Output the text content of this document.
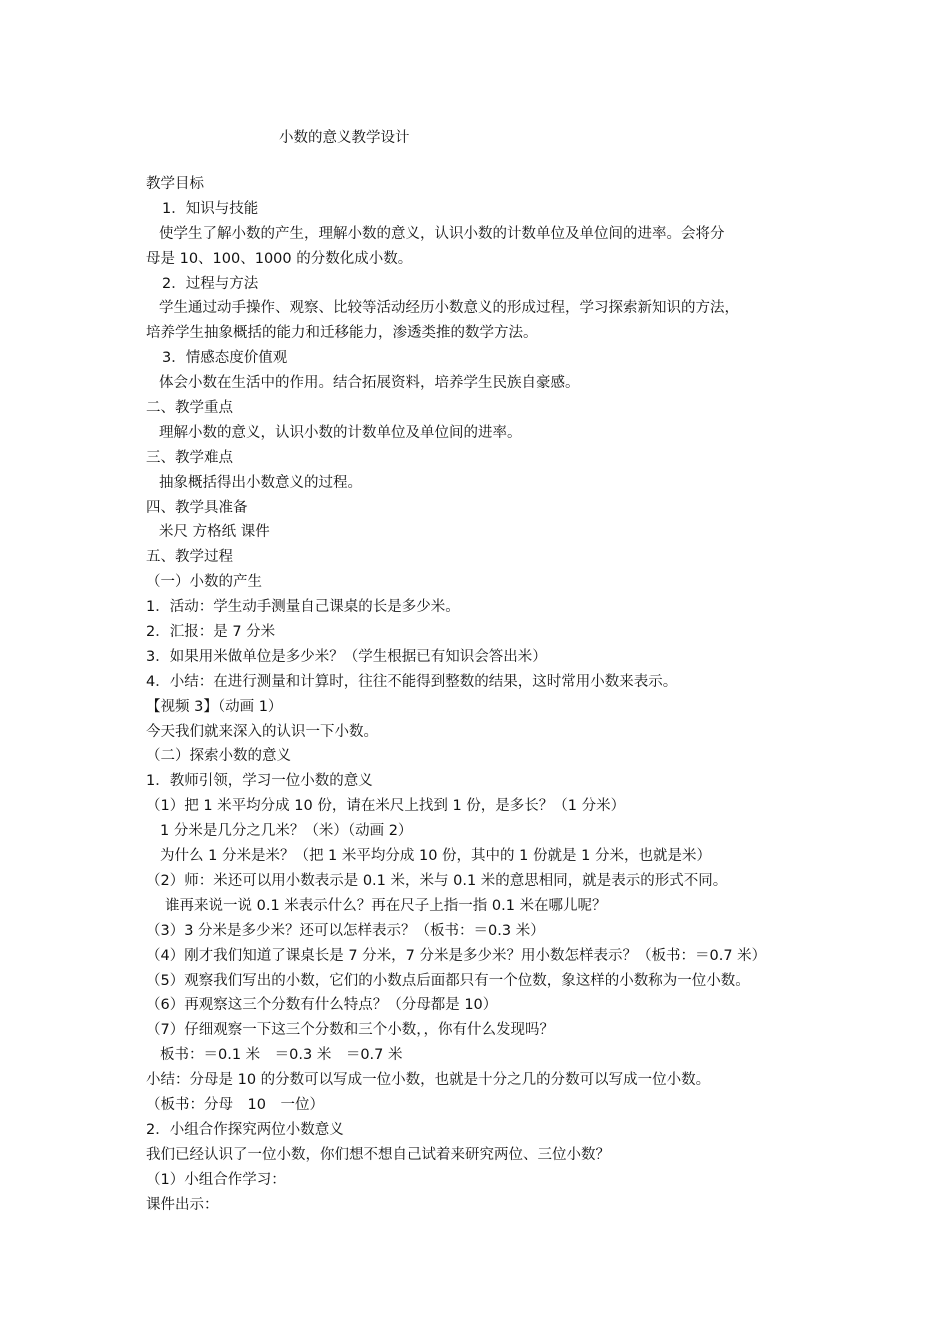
小数的意义教学设计
教学目标
1．知识与技能
使学生了解小数的产生，理解小数的意义，认识小数的计数单位及单位间的进率。会将分
母是 10、100、1000 的分数化成小数。
2．过程与方法
学生通过动手操作、观察、比较等活动经历小数意义的形成过程，学习探索新知识的方法，
培养学生抽象概括的能力和迁移能力，渗透类推的数学方法。
3．情感态度价值观
体会小数在生活中的作用。结合拓展资料，培养学生民族自豪感。
二、教学重点
理解小数的意义，认识小数的计数单位及单位间的进率。
三、教学难点
抽象概括得出小数意义的过程。
四、教学具准备
米尺 方格纸 课件
五、教学过程
（一）小数的产生
1．活动：学生动手测量自己课桌的长是多少米。
2．汇报：是 7 分米
3．如果用米做单位是多少米？（学生根据已有知识会答出米）
4．小结：在进行测量和计算时，往往不能得到整数的结果，这时常用小数来表示。
【视频 3】（动画 1）
今天我们就来深入的认识一下小数。
（二）探索小数的意义
1．教师引领，学习一位小数的意义
（1）把 1 米平均分成 10 份，请在米尺上找到 1 份，是多长？（1 分米）
1 分米是几分之几米？（米）（动画 2）
为什么 1 分米是米？（把 1 米平均分成 10 份，其中的 1 份就是 1 分米，也就是米）
（2）师：米还可以用小数表示是 0.1 米，米与 0.1 米的意思相同，就是表示的形式不同。
谁再来说一说 0.1 米表示什么？再在尺子上指一指 0.1 米在哪儿呢？
（3）3 分米是多少米？还可以怎样表示？（板书：＝0.3 米）
（4）刚才我们知道了课桌长是 7 分米，7 分米是多少米？用小数怎样表示？（板书：＝0.7 米）
（5）观察我们写出的小数，它们的小数点后面都只有一个位数，象这样的小数称为一位小数。
（6）再观察这三个分数有什么特点？（分母都是 10）
（7）仔细观察一下这三个分数和三个小数，，你有什么发现吗？
板书：＝0.1 米　＝0.3 米　＝0.7 米
小结：分母是 10 的分数可以写成一位小数，也就是十分之几的分数可以写成一位小数。
（板书：分母　10　一位）
2．小组合作探究两位小数意义
我们已经认识了一位小数，你们想不想自己试着来研究两位、三位小数？
（1）小组合作学习：
课件出示：
